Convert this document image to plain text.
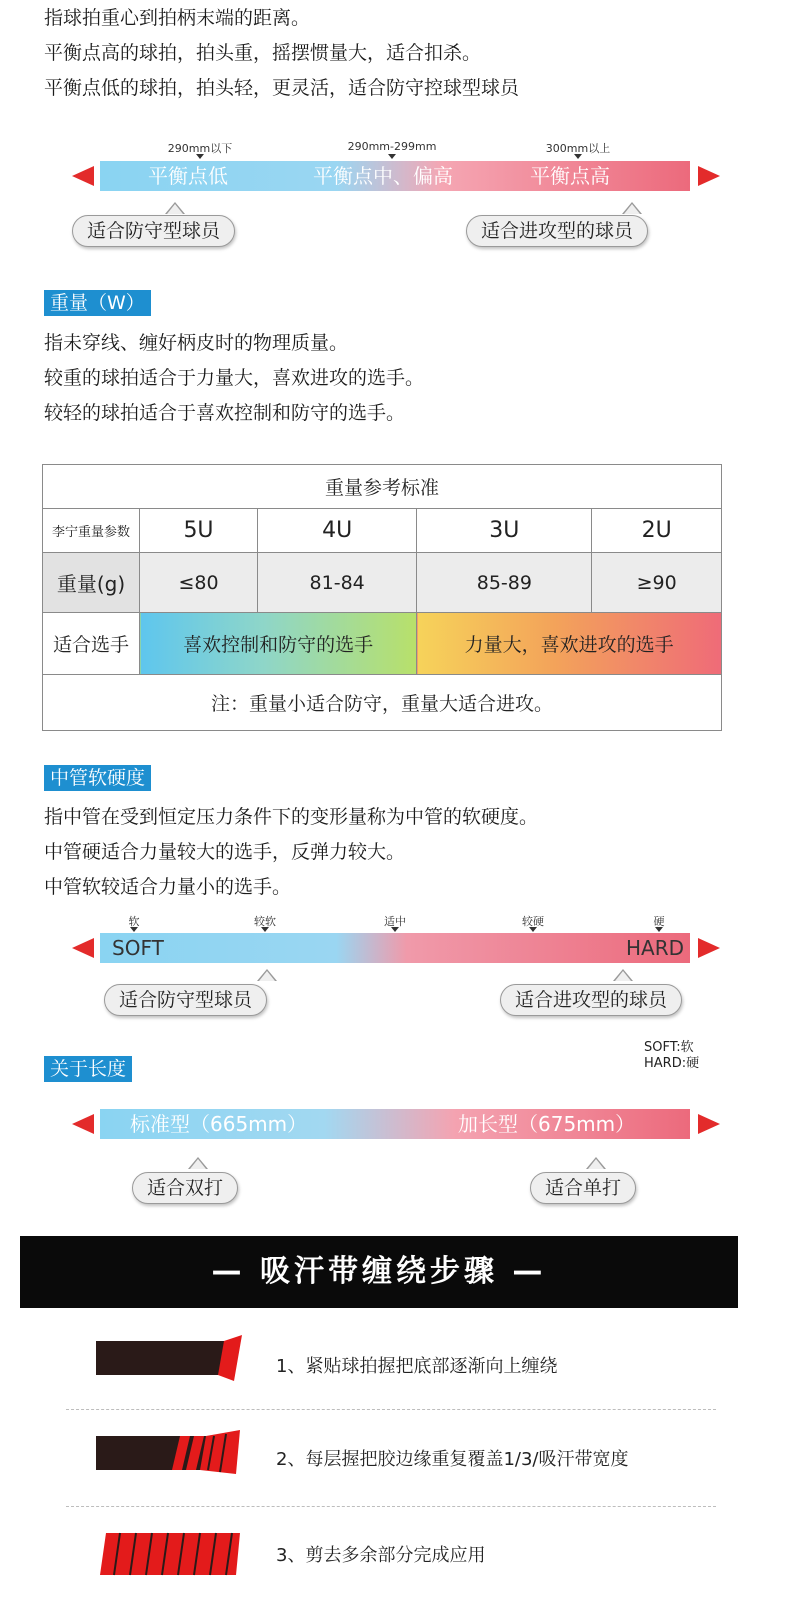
指球拍重心到拍柄末端的距离。
平衡点高的球拍，拍头重，摇摆惯量大，适合扣杀。
平衡点低的球拍，拍头轻，更灵活，适合防守控球型球员
290mm以下	290mm-299mm	300mm以上
平衡点低	平衡点中、偏高	平衡点高
适合防守型球员	适合进攻型的球员
重量（W）
指未穿线、缠好柄皮时的物理质量。
较重的球拍适合于力量大，喜欢进攻的选手。
较轻的球拍适合于喜欢控制和防守的选手。
重量参考标准				
李宁重量参数	5U	4U	3U	2U
重量(g)	≤80	81-84	85-89	≥90
适合选手	喜欢控制和防守的选手		力量大，喜欢进攻的选手	
注：重量小适合防守，重量大适合进攻。				
中管软硬度
指中管在受到恒定压力条件下的变形量称为中管的软硬度。
中管硬适合力量较大的选手，反弹力较大。
中管软较适合力量小的选手。
软	较软	适中	较硬	硬
SOFT	HARD
适合防守型球员	适合进攻型的球员
SOFT:软
HARD:硬
关于长度
标准型（665mm）	加长型（675mm）
适合双打	适合单打
— 吸汗带缠绕步骤 —
1、紧贴球拍握把底部逐渐向上缠绕
2、每层握把胶边缘重复覆盖1/3/吸汗带宽度
3、剪去多余部分完成应用
